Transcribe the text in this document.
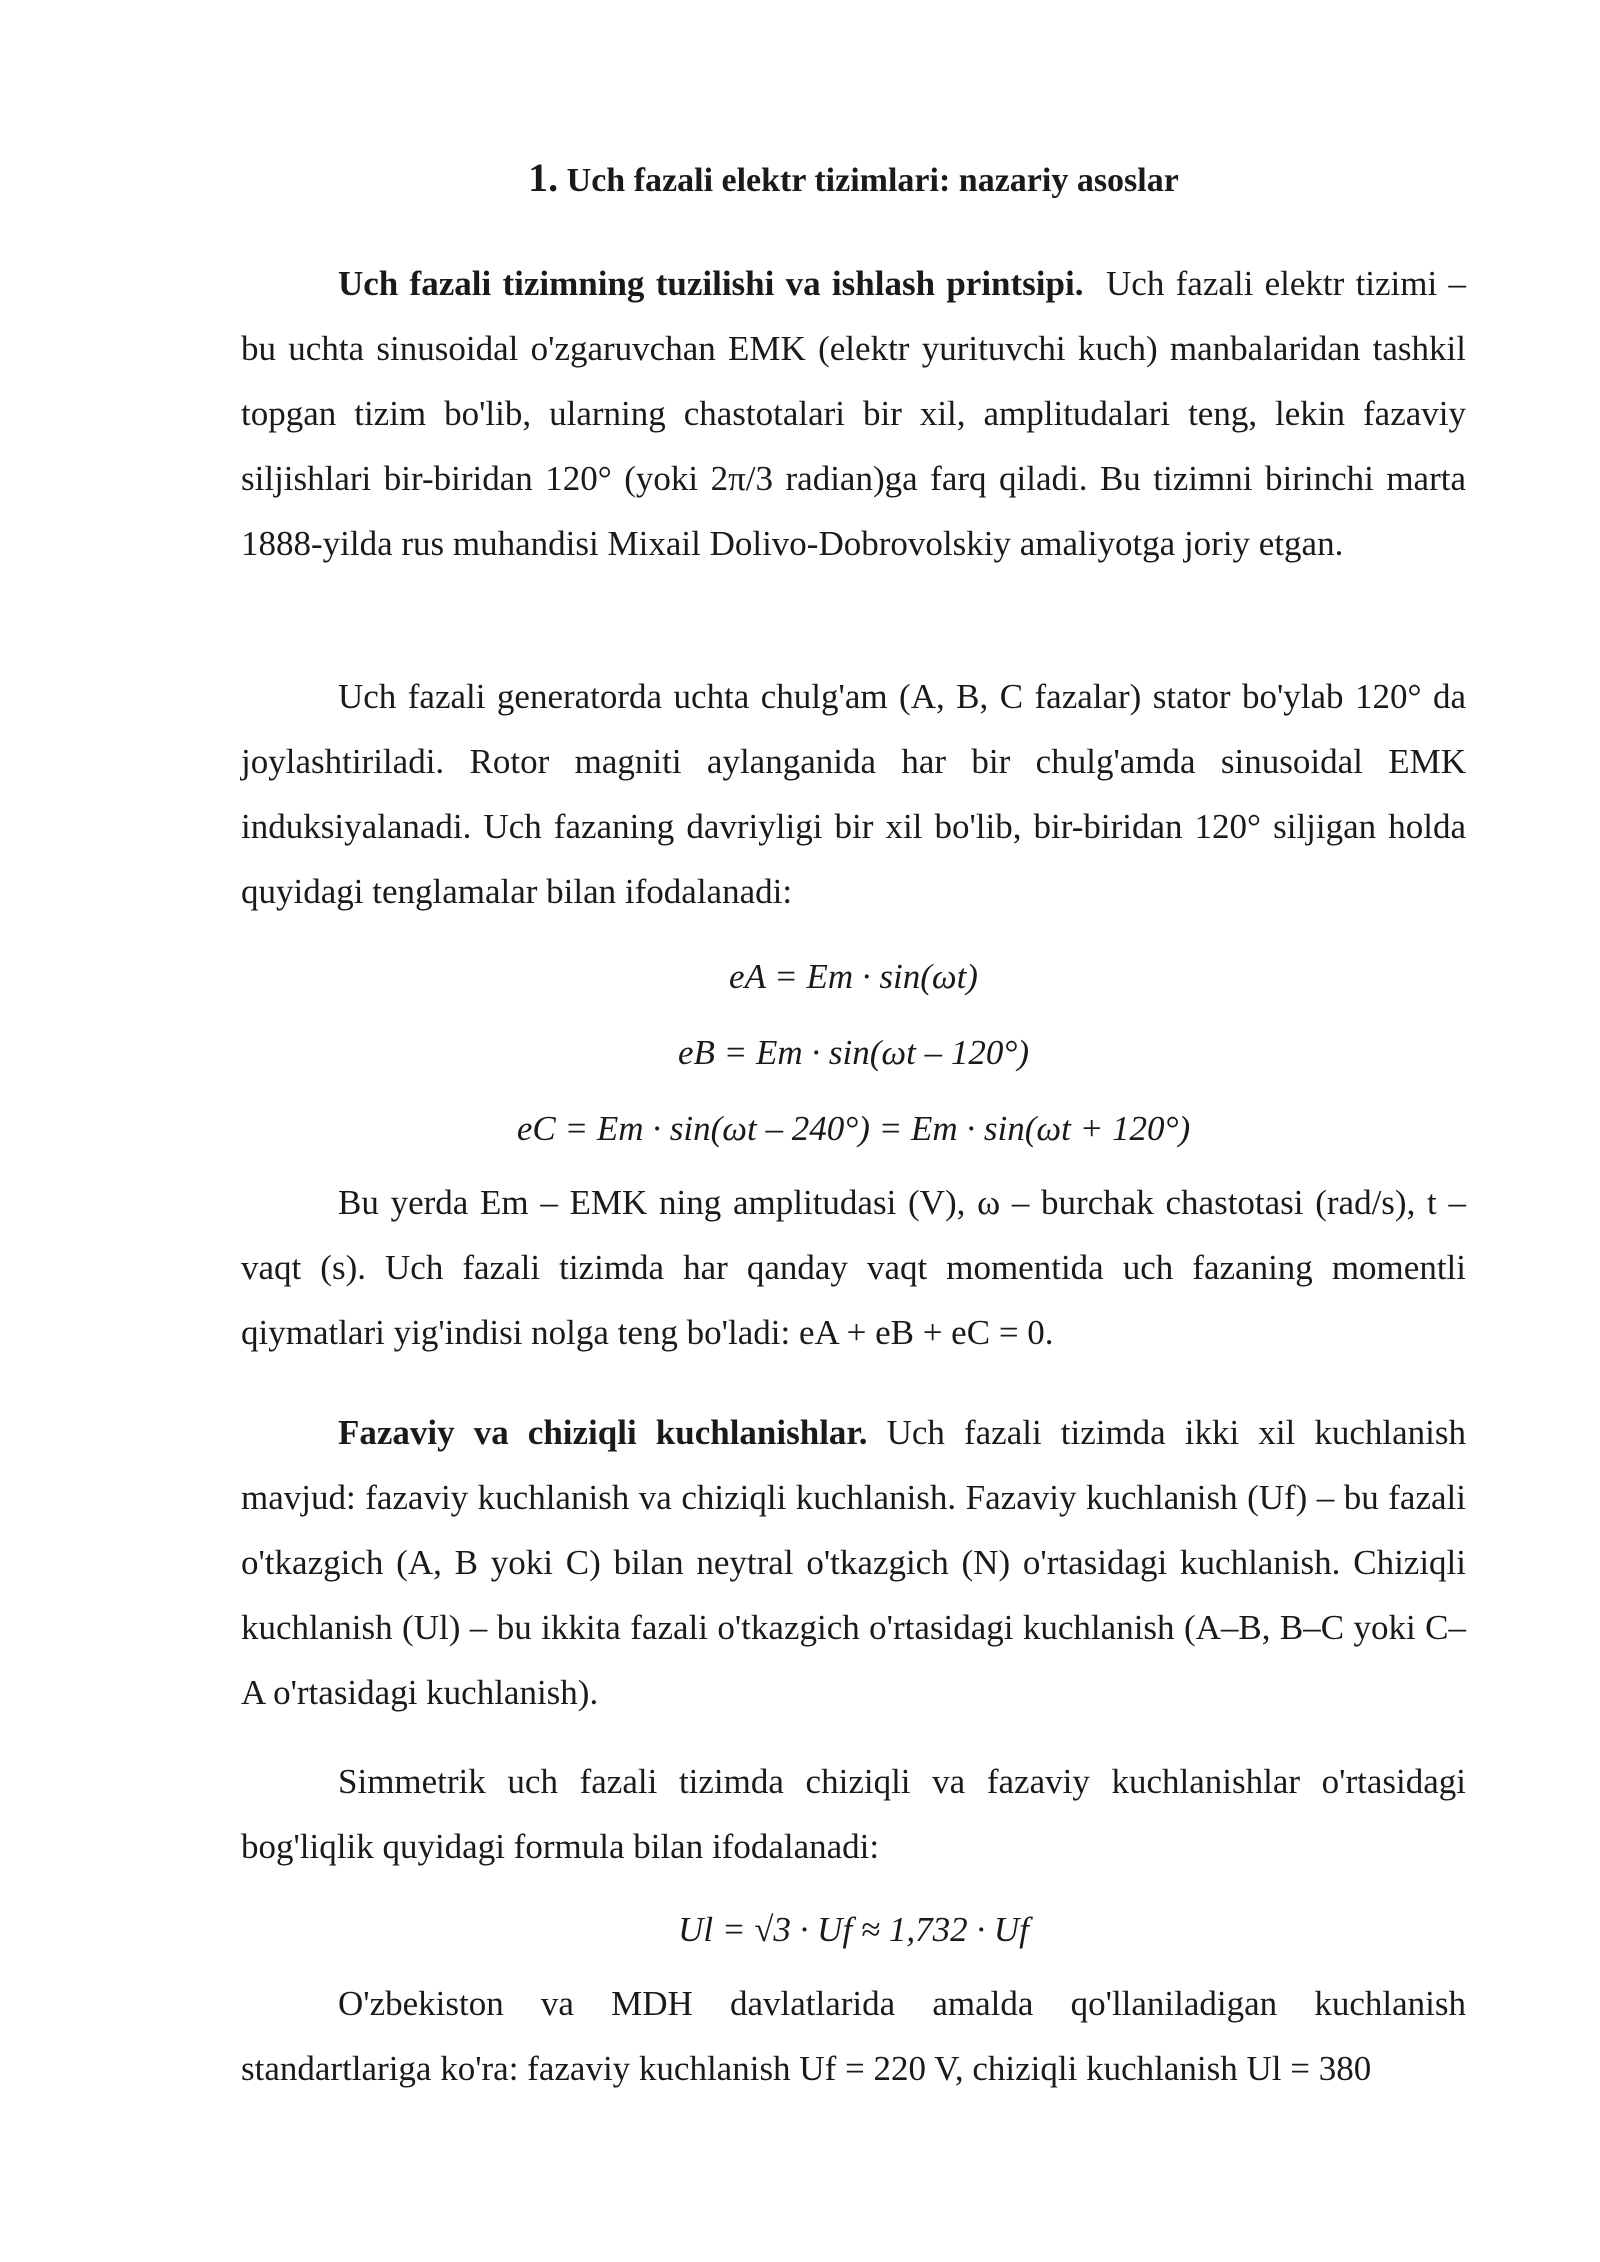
1. Uch fazali elektr tizimlari: nazariy asoslar

Uch fazali tizimning tuzilishi va ishlash printsipi. Uch fazali elektr tizimi – bu uchta sinusoidal o'zgaruvchan EMK (elektr yurituvchi kuch) manbalaridan tashkil topgan tizim bo'lib, ularning chastotalari bir xil, amplitudalari teng, lekin fazaviy siljishlari bir-biridan 120° (yoki 2π/3 radian)ga farq qiladi. Bu tizimni birinchi marta 1888-yilda rus muhandisi Mixail Dolivo-Dobrovolskiy amaliyotga joriy etgan.

Uch fazali generatorda uchta chulg'am (A, B, C fazalar) stator bo'ylab 120° da joylashtiriladi. Rotor magniti aylanganida har bir chulg'amda sinusoidal EMK induksiyalanadi. Uch fazaning davriyligi bir xil bo'lib, bir-biridan 120° siljigan holda quyidagi tenglamalar bilan ifodalanadi:

eA = Em · sin(ωt)

eB = Em · sin(ωt – 120°)

eC = Em · sin(ωt – 240°) = Em · sin(ωt + 120°)

Bu yerda Em – EMK ning amplitudasi (V), ω – burchak chastotasi (rad/s), t – vaqt (s). Uch fazali tizimda har qanday vaqt momentida uch fazaning momentli qiymatlari yig'indisi nolga teng bo'ladi: eA + eB + eC = 0.

Fazaviy va chiziqli kuchlanishlar. Uch fazali tizimda ikki xil kuchlanish mavjud: fazaviy kuchlanish va chiziqli kuchlanish. Fazaviy kuchlanish (Uf) – bu fazali o'tkazgich (A, B yoki C) bilan neytral o'tkazgich (N) o'rtasidagi kuchlanish. Chiziqli kuchlanish (Ul) – bu ikkita fazali o'tkazgich o'rtasidagi kuchlanish (A–B, B–C yoki C–A o'rtasidagi kuchlanish).

Simmetrik uch fazali tizimda chiziqli va fazaviy kuchlanishlar o'rtasidagi bog'liqlik quyidagi formula bilan ifodalanadi:

Ul = √3 · Uf ≈ 1,732 · Uf

O'zbekiston va MDH davlatlarida amalda qo'llaniladigan kuchlanish standartlariga ko'ra: fazaviy kuchlanish Uf = 220 V, chiziqli kuchlanish Ul = 380
